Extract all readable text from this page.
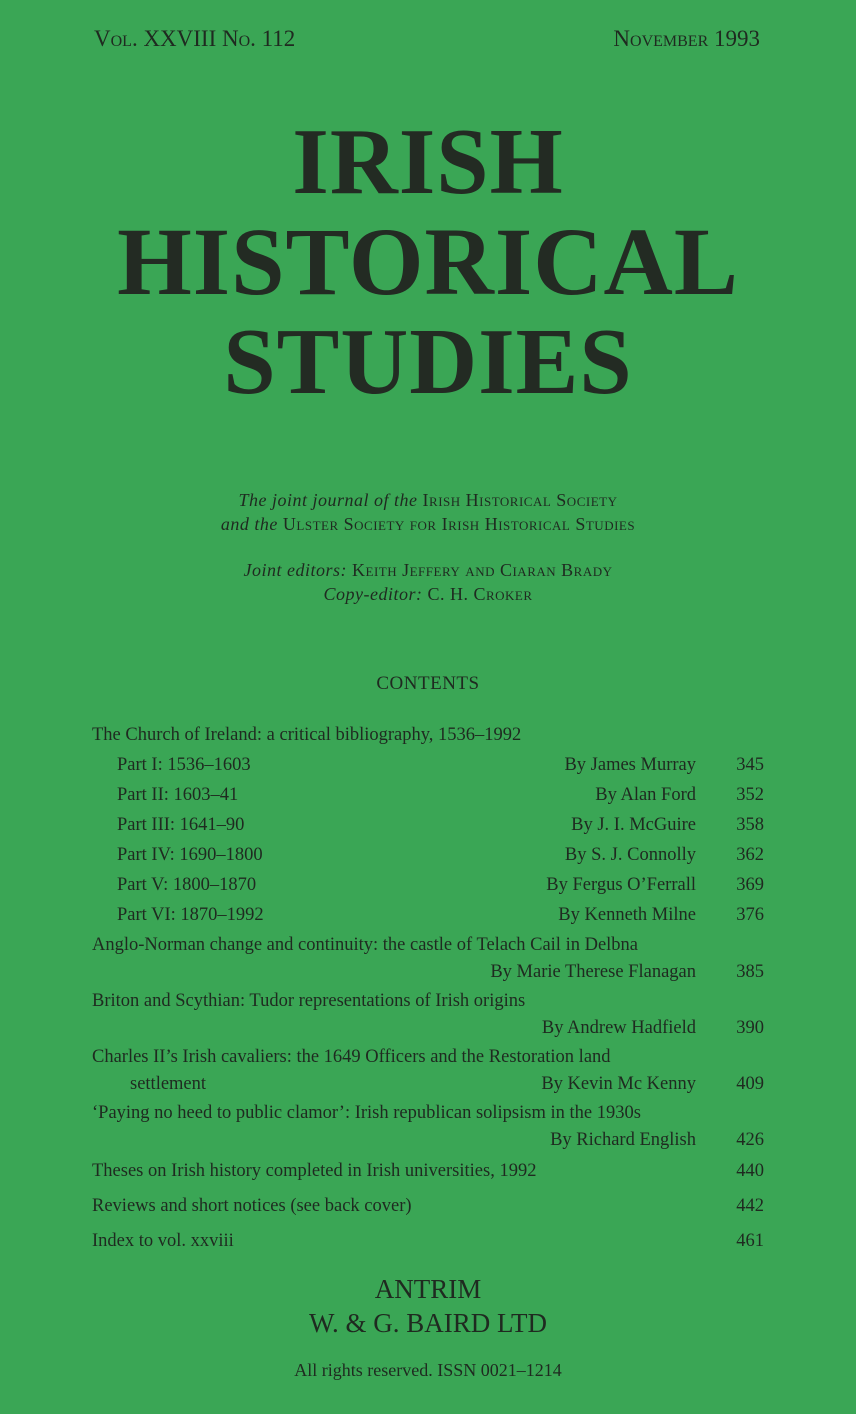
Vol. XXVIII No. 112	November 1993
IRISH
HISTORICAL
STUDIES
The joint journal of the Irish Historical Society
and the Ulster Society for Irish Historical Studies
Joint editors: Keith Jeffery and Ciaran Brady
Copy-editor: C. H. Croker
CONTENTS
The Church of Ireland: a critical bibliography, 1536–1992
Part I: 1536–1603	By James Murray	345
Part II: 1603–41	By Alan Ford	352
Part III: 1641–90	By J. I. McGuire	358
Part IV: 1690–1800	By S. J. Connolly	362
Part V: 1800–1870	By Fergus O’Ferrall	369
Part VI: 1870–1992	By Kenneth Milne	376
Anglo-Norman change and continuity: the castle of Telach Cail in Delbna
By Marie Therese Flanagan	385
Briton and Scythian: Tudor representations of Irish origins
By Andrew Hadfield	390
Charles II’s Irish cavaliers: the 1649 Officers and the Restoration land
settlement	By Kevin Mc Kenny	409
‘Paying no heed to public clamor’: Irish republican solipsism in the 1930s
By Richard English	426
Theses on Irish history completed in Irish universities, 1992	440
Reviews and short notices (see back cover)	442
Index to vol. xxviii	461
ANTRIM
W. & G. BAIRD LTD
All rights reserved. ISSN 0021–1214
